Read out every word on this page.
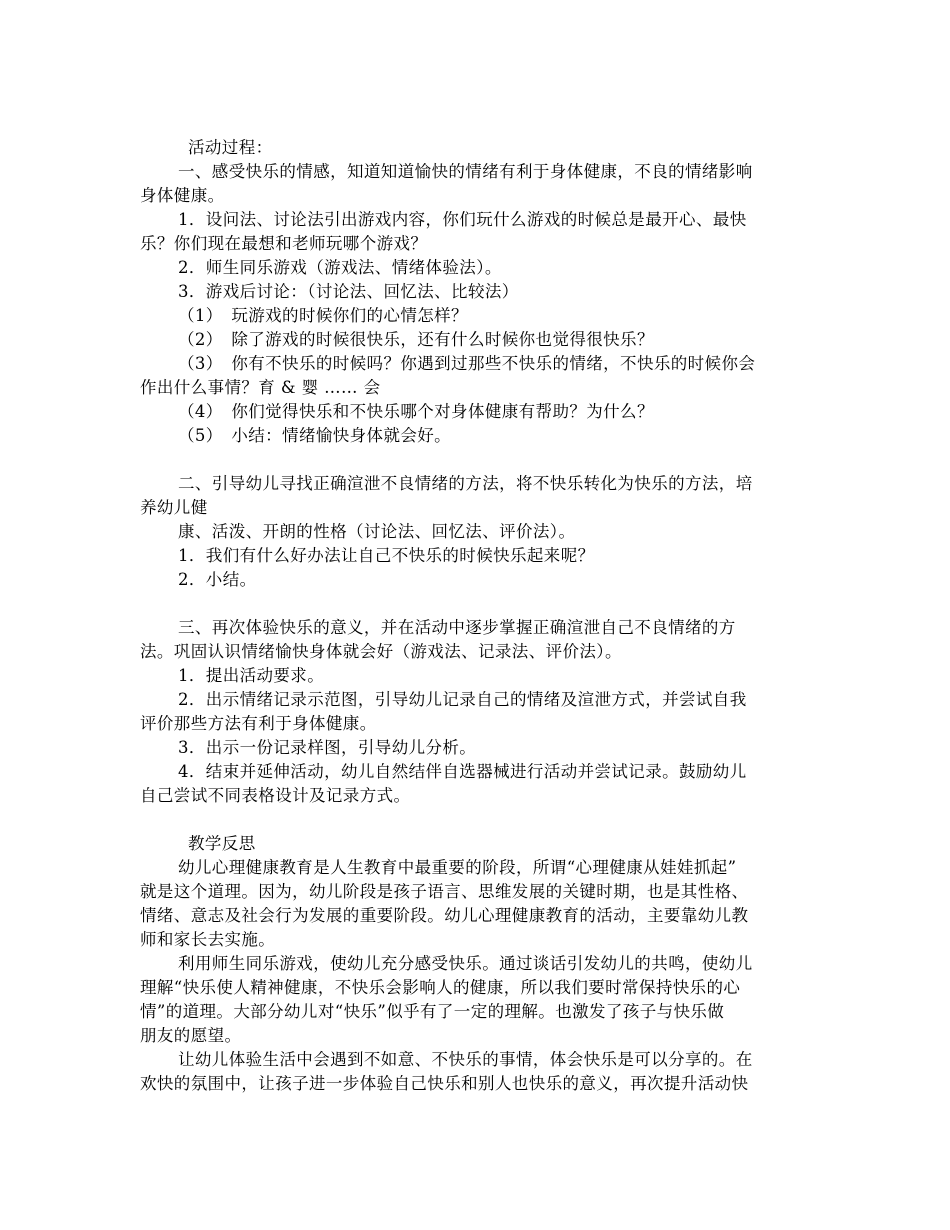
活动过程：
一、感受快乐的情感，知道知道愉快的情绪有利于身体健康，不良的情绪影响
身体健康。
1．设问法、讨论法引出游戏内容，你们玩什么游戏的时候总是最开心、最快
乐？你们现在最想和老师玩哪个游戏？
2．师生同乐游戏（游戏法、情绪体验法）。
3．游戏后讨论：（讨论法、回忆法、比较法）
（1）　玩游戏的时候你们的心情怎样？
（2）　除了游戏的时候很快乐，还有什么时候你也觉得很快乐？
（3）　你有不快乐的时候吗？你遇到过那些不快乐的情绪，不快乐的时候你会
作出什么事情？育 & 婴 …… 会
（4）　你们觉得快乐和不快乐哪个对身体健康有帮助？为什么？
（5）　小结：情绪愉快身体就会好。
二、引导幼儿寻找正确渲泄不良情绪的方法，将不快乐转化为快乐的方法，培
养幼儿健
康、活泼、开朗的性格（讨论法、回忆法、评价法）。
1．我们有什么好办法让自己不快乐的时候快乐起来呢？
2．小结。
三、再次体验快乐的意义，并在活动中逐步掌握正确渲泄自己不良情绪的方
法。巩固认识情绪愉快身体就会好（游戏法、记录法、评价法）。
1．提出活动要求。
2．出示情绪记录示范图，引导幼儿记录自己的情绪及渲泄方式，并尝试自我
评价那些方法有利于身体健康。
3．出示一份记录样图，引导幼儿分析。
4．结束并延伸活动，幼儿自然结伴自选器械进行活动并尝试记录。鼓励幼儿
自己尝试不同表格设计及记录方式。
教学反思
幼儿心理健康教育是人生教育中最重要的阶段，所谓“心理健康从娃娃抓起”
就是这个道理。因为，幼儿阶段是孩子语言、思维发展的关键时期，也是其性格、
情绪、意志及社会行为发展的重要阶段。幼儿心理健康教育的活动，主要靠幼儿教
师和家长去实施。
利用师生同乐游戏，使幼儿充分感受快乐。通过谈话引发幼儿的共鸣，使幼儿
理解“快乐使人精神健康，不快乐会影响人的健康，所以我们要时常保持快乐的心
情”的道理。大部分幼儿对“快乐”似乎有了一定的理解。也激发了孩子与快乐做
朋友的愿望。
让幼儿体验生活中会遇到不如意、不快乐的事情，体会快乐是可以分享的。在
欢快的氛围中，让孩子进一步体验自己快乐和别人也快乐的意义，再次提升活动快
